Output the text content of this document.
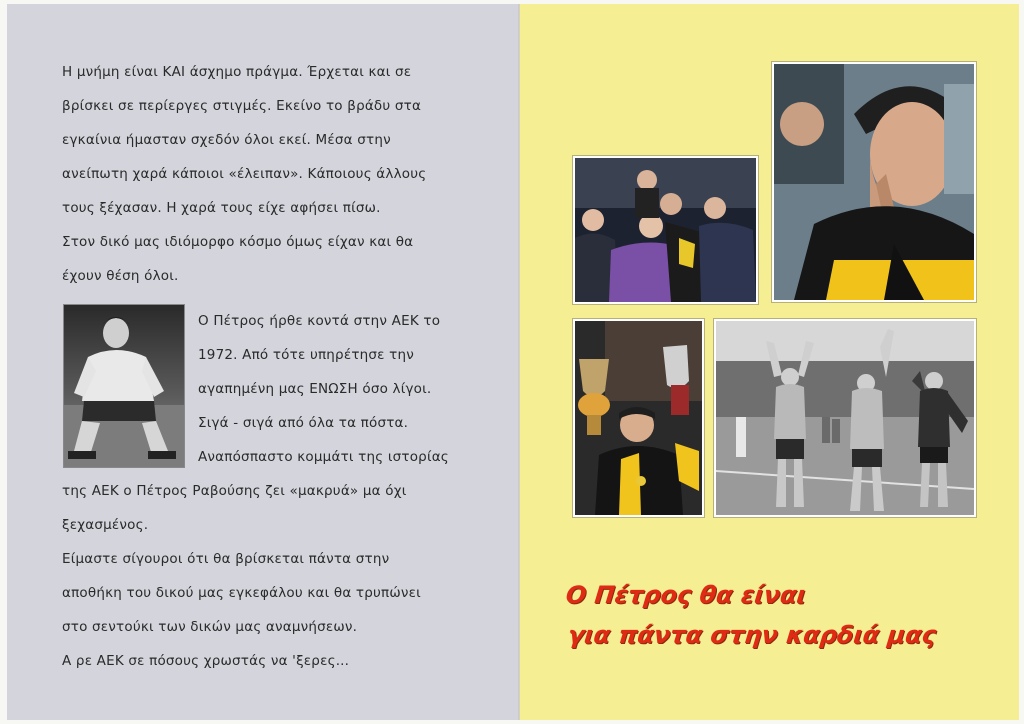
Η μνήμη είναι ΚΑΙ άσχημο πράγμα. Έρχεται και σε
βρίσκει σε περίεργες στιγμές. Εκείνο το βράδυ στα
εγκαίνια ήμασταν σχεδόν όλοι εκεί. Μέσα στην
ανείπωτη χαρά κάποιοι «έλειπαν». Κάποιους άλλους
τους ξέχασαν. Η χαρά τους είχε αφήσει πίσω.
Στον δικό μας ιδιόμορφο κόσμο όμως είχαν και θα
έχουν θέση όλοι.
Ο Πέτρος ήρθε κοντά στην ΑΕΚ το
1972. Από τότε υπηρέτησε την
αγαπημένη μας ΕΝΩΣΗ όσο λίγοι.
Σιγά - σιγά από όλα τα πόστα.
Αναπόσπαστο κομμάτι της ιστορίας
της ΑΕΚ ο Πέτρος Ραβούσης ζει «μακρυά» μα όχι
ξεχασμένος.
Είμαστε σίγουροι ότι θα βρίσκεται πάντα στην
αποθήκη του δικού μας εγκεφάλου και θα τρυπώνει
στο σεντούκι των δικών μας αναμνήσεων.
Α ρε ΑΕΚ σε πόσους χρωστάς να 'ξερες...
Ο Πέτρος θα είναι
για πάντα στην καρδιά μας
